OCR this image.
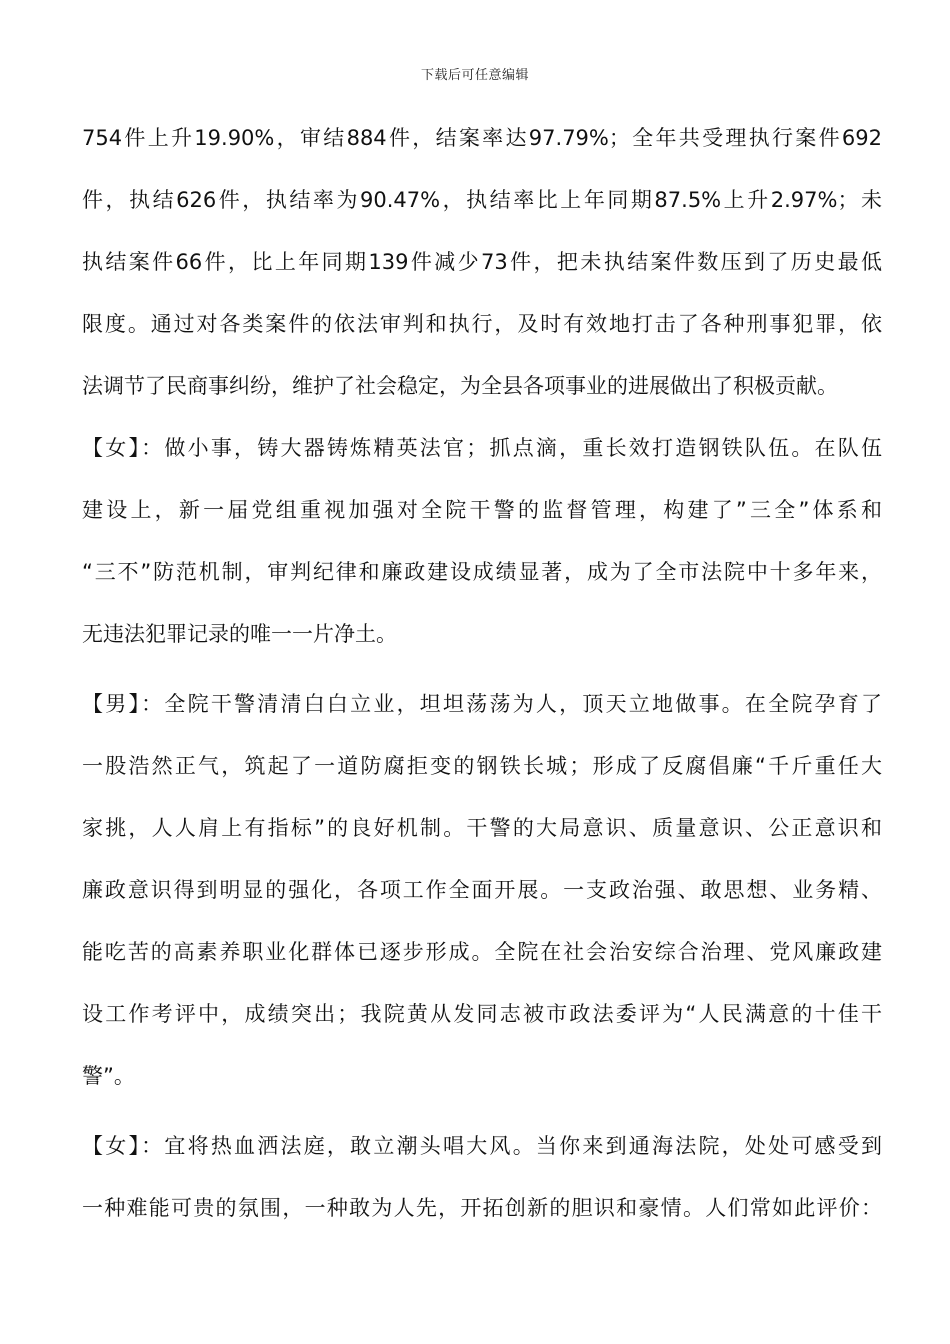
下载后可任意编辑
754件上升19.90%，审结884件，结案率达97.79%；全年共受理执行案件692
件，执结626件，执结率为90.47%，执结率比上年同期87.5%上升2.97%；未
执结案件66件，比上年同期139件减少73件，把未执结案件数压到了历史最低
限度。通过对各类案件的依法审判和执行，及时有效地打击了各种刑事犯罪，依
法调节了民商事纠纷，维护了社会稳定，为全县各项事业的进展做出了积极贡献。
【女】：做小事，铸大器铸炼精英法官；抓点滴，重长效打造钢铁队伍。在队伍
建设上，新一届党组重视加强对全院干警的监督管理，构建了”三全”体系和
“三不”防范机制，审判纪律和廉政建设成绩显著，成为了全市法院中十多年来，
无违法犯罪记录的唯一一片净土。
【男】：全院干警清清白白立业，坦坦荡荡为人，顶天立地做事。在全院孕育了
一股浩然正气，筑起了一道防腐拒变的钢铁长城；形成了反腐倡廉“千斤重任大
家挑，人人肩上有指标”的良好机制。干警的大局意识、质量意识、公正意识和
廉政意识得到明显的强化，各项工作全面开展。一支政治强、敢思想、业务精、
能吃苦的高素养职业化群体已逐步形成。全院在社会治安综合治理、党风廉政建
设工作考评中，成绩突出；我院黄从发同志被市政法委评为“人民满意的十佳干
警”。
【女】：宜将热血洒法庭，敢立潮头唱大风。当你来到通海法院，处处可感受到
一种难能可贵的氛围，一种敢为人先，开拓创新的胆识和豪情。人们常如此评价：
